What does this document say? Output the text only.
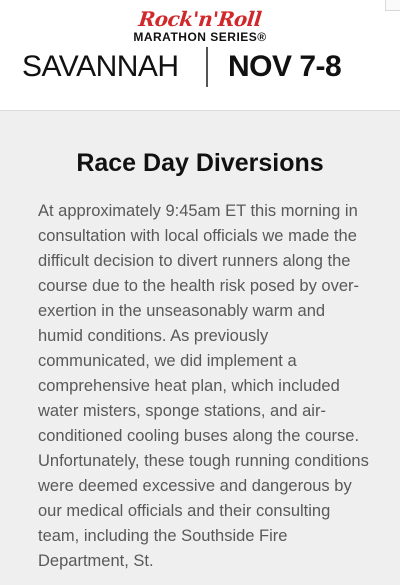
Rock'n'Roll
MARATHON SERIES®
SAVANNAH NOV 7-8
Race Day Diversions

At approximately 9:45am ET this morning in consultation with local officials we made the difficult decision to divert runners along the course due to the health risk posed by over-exertion in the unseasonably warm and humid conditions. As previously communicated, we did implement a comprehensive heat plan, which included water misters, sponge stations, and air-conditioned cooling buses along the course. Unfortunately, these tough running conditions were deemed excessive and dangerous by our medical officials and their consulting team, including the Southside Fire Department, St.
